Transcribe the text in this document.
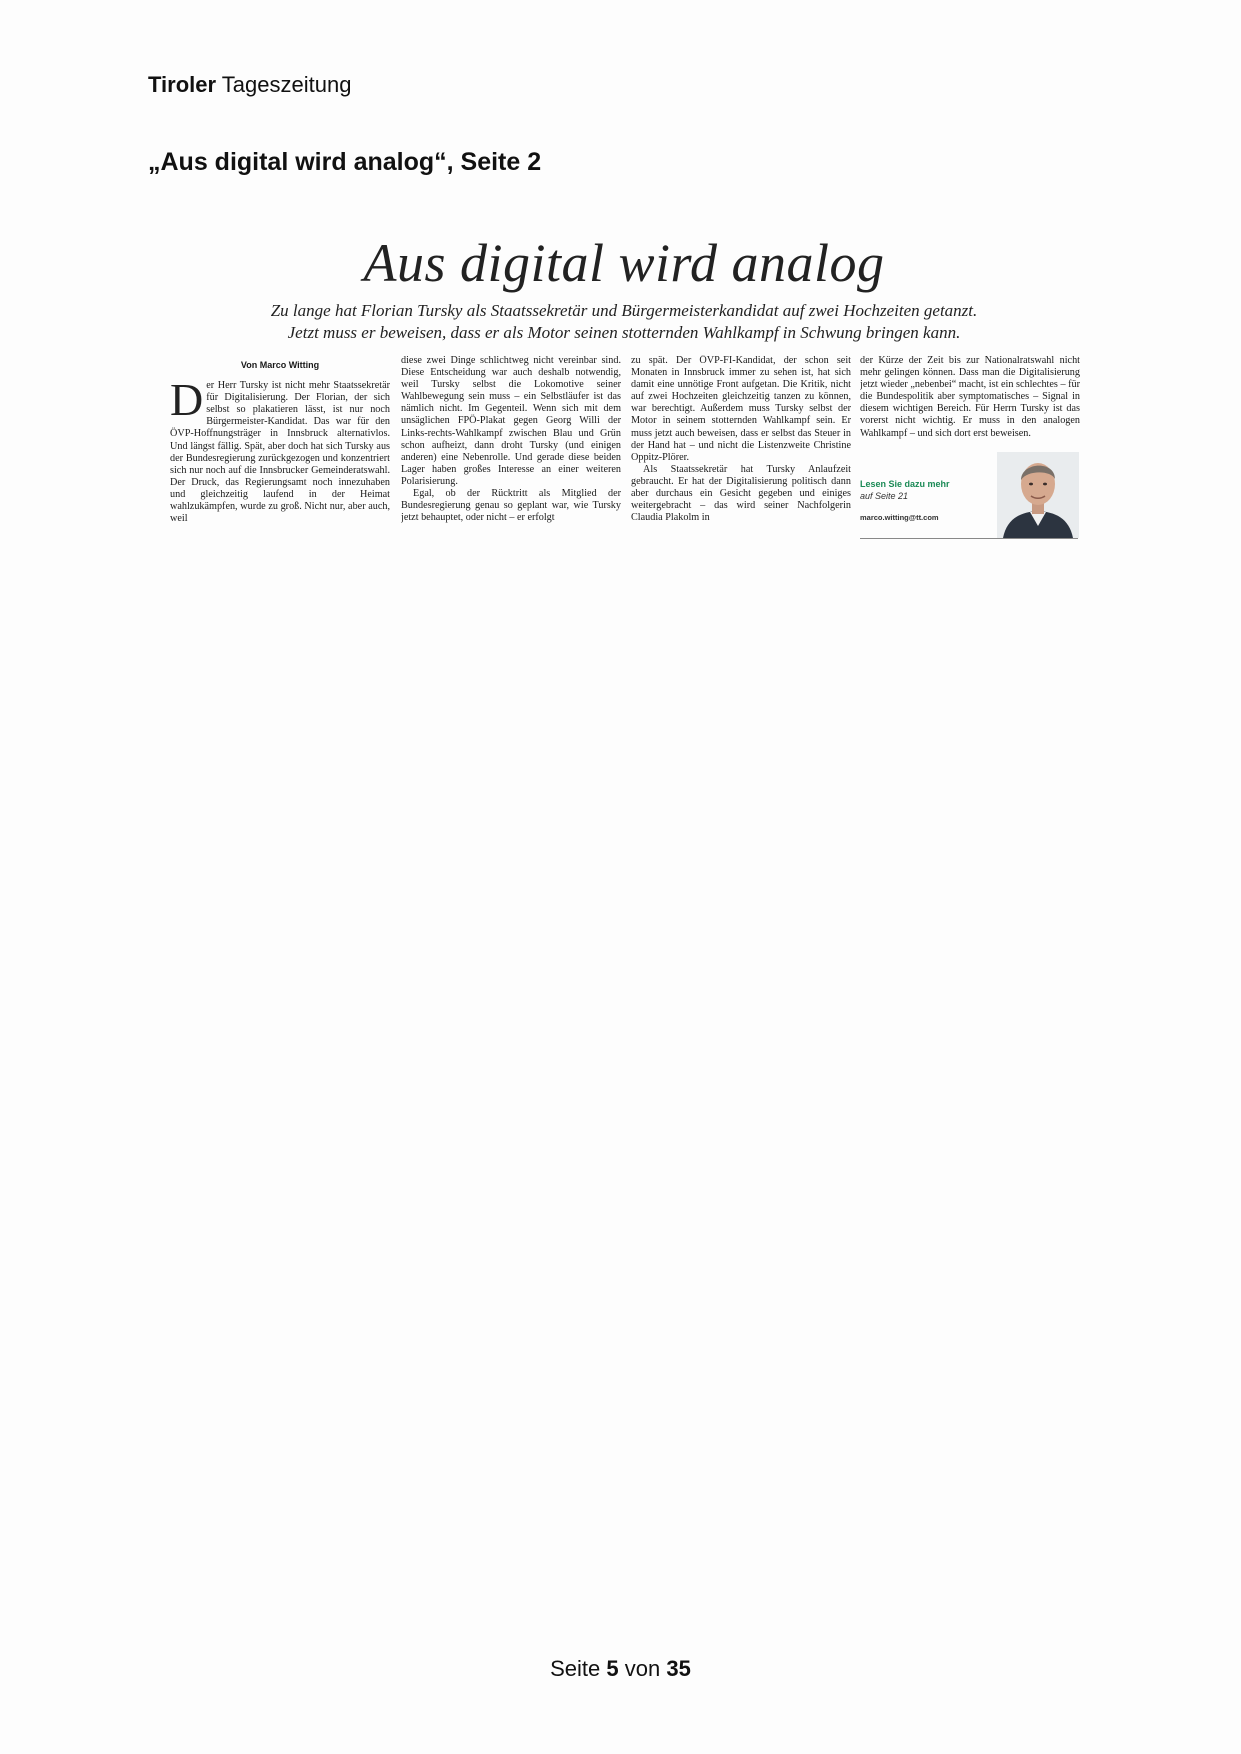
Tiroler Tageszeitung
„Aus digital wird analog“, Seite 2
Aus digital wird analog
Zu lange hat Florian Tursky als Staatssekretär und Bürgermeisterkandidat auf zwei Hochzeiten getanzt.
Jetzt muss er beweisen, dass er als Motor seinen stotternden Wahlkampf in Schwung bringen kann.
Von Marco Witting

Der Herr Tursky ist nicht mehr Staatssekretär für Digitalisierung. Der Florian, der sich selbst so plakatieren lässt, ist nur noch Bürgermeister-Kandidat. Das war für den ÖVP-Hoffnungsträger in Innsbruck alternativlos. Und längst fällig. Spät, aber doch hat sich Tursky aus der Bundesregierung zurückgezogen und konzentriert sich nur noch auf die Innsbrucker Gemeinderatswahl. Der Druck, das Regierungsamt noch innezuhaben und gleichzeitig laufend in der Heimat wahlzukämpfen, wurde zu groß. Nicht nur, aber auch, weil

diese zwei Dinge schlichtweg nicht vereinbar sind. Diese Entscheidung war auch deshalb notwendig, weil Tursky selbst die Lokomotive seiner Wahlbewegung sein muss – ein Selbstläufer ist das nämlich nicht. Im Gegenteil. Wenn sich mit dem unsäglichen FPÖ-Plakat gegen Georg Willi der Links-rechts-Wahlkampf zwischen Blau und Grün schon aufheizt, dann droht Tursky (und einigen anderen) eine Nebenrolle. Und gerade diese beiden Lager haben großes Interesse an einer weiteren Polarisierung.

Egal, ob der Rücktritt als Mitglied der Bundesregierung genau so geplant war, wie Tursky jetzt behauptet, oder nicht – er erfolgt

zu spät. Der ÖVP-FI-Kandidat, der schon seit Monaten in Innsbruck immer zu sehen ist, hat sich damit eine unnötige Front aufgetan. Die Kritik, nicht auf zwei Hochzeiten gleichzeitig tanzen zu können, war berechtigt. Außerdem muss Tursky selbst der Motor in seinem stotternden Wahlkampf sein. Er muss jetzt auch beweisen, dass er selbst das Steuer in der Hand hat – und nicht die Listenzweite Christine Oppitz-Plörer.

Als Staatssekretär hat Tursky Anlaufzeit gebraucht. Er hat der Digitalisierung politisch dann aber durchaus ein Gesicht gegeben und einiges weitergebracht – das wird seiner Nachfolgerin Claudia Plakolm in

der Kürze der Zeit bis zur Nationalratswahl nicht mehr gelingen können. Dass man die Digitalisierung jetzt wieder „nebenbei“ macht, ist ein schlechtes – für die Bundespolitik aber symptomatisches – Signal in diesem wichtigen Bereich. Für Herrn Tursky ist das vorerst nicht wichtig. Er muss in den analogen Wahlkampf – und sich dort erst beweisen.

Lesen Sie dazu mehr
auf Seite 21
marco.witting@tt.com
Seite 5 von 35
